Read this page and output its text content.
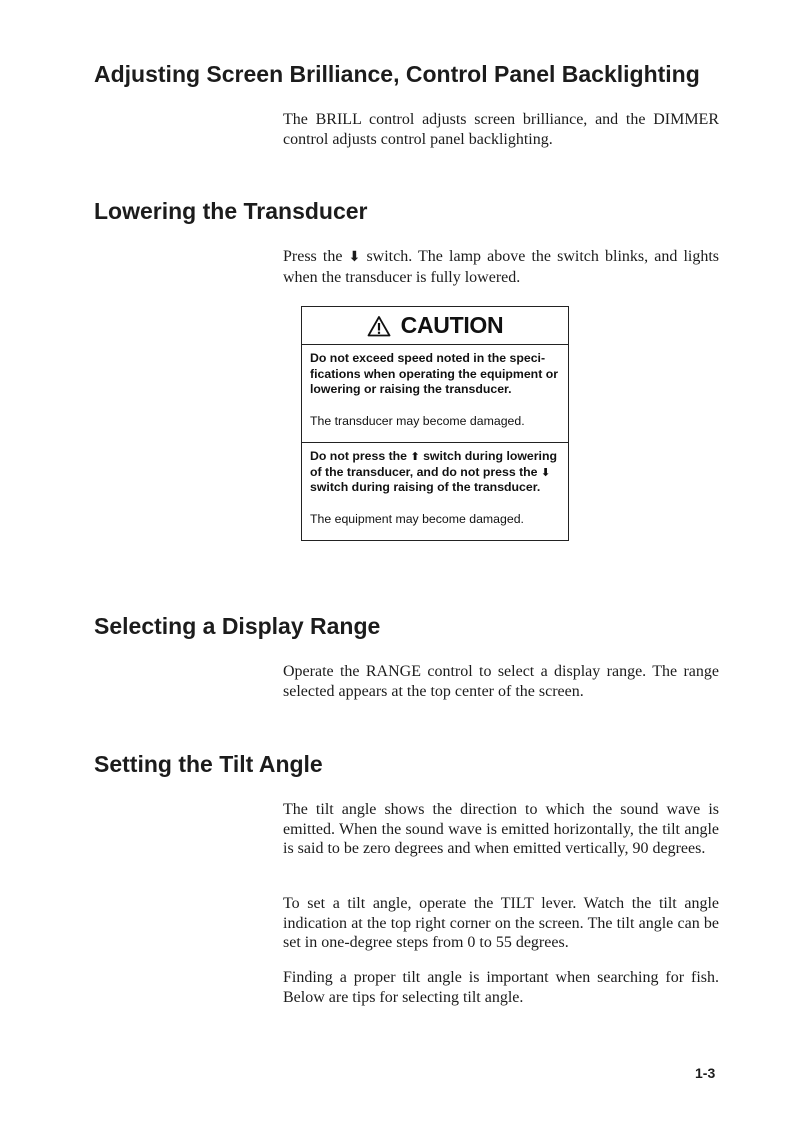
Adjusting Screen Brilliance, Control Panel Backlighting

The BRILL control adjusts screen brilliance, and the DIMMER control adjusts control panel backlighting.

Lowering the Transducer

Press the ⬇ switch. The lamp above the switch blinks, and lights when the transducer is fully lowered.

CAUTION

Do not exceed speed noted in the speci-fications when operating the equipment or lowering or raising the transducer.

The transducer may become damaged.

Do not press the ⬆ switch during lowering of the transducer, and do not press the ⬇ switch during raising of the transducer.

The equipment may become damaged.

Selecting a Display Range

Operate the RANGE control to select a display range. The range selected appears at the top center of the screen.

Setting the Tilt Angle

The tilt angle shows the direction to which the sound wave is emitted. When the sound wave is emitted horizontally, the tilt angle is said to be zero degrees and when emitted vertically, 90 degrees.

To set a tilt angle, operate the TILT lever. Watch the tilt angle indication at the top right corner on the screen. The tilt angle can be set in one-degree steps from 0 to 55 degrees.

Finding a proper tilt angle is important when searching for fish. Below are tips for selecting tilt angle.

1-3
